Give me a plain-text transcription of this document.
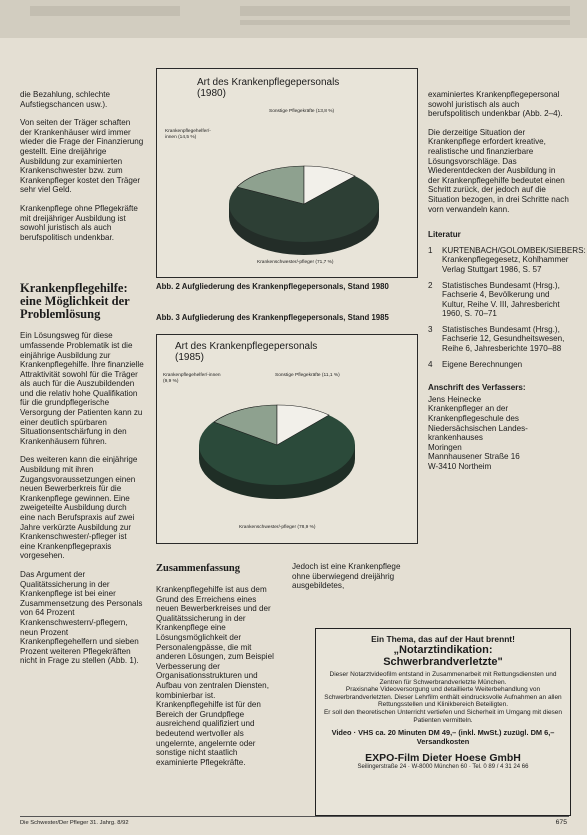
die Bezahlung, schlechte Aufstiegschancen usw.).

Von seiten der Träger schaften der Krankenhäuser wird immer wieder die Frage der Finanzierung gestellt. Eine dreijährige Ausbildung zur examinierten Krankenschwester bzw. zum Krankenpfleger kostet den Träger sehr viel Geld.

Krankenpflege ohne Pflegekräfte mit dreijähriger Ausbildung ist sowohl juristisch als auch berufspolitisch undenkbar.

Krankenpflegehilfe: eine Möglichkeit der Problemlösung

Ein Lösungsweg für diese umfassende Problematik ist die einjährige Ausbildung zur Krankenpflegehilfe. Ihre finanzielle Attraktivität sowohl für die Träger als auch für die Auszubildenden und die relativ hohe Qualifikation für die grundpflegerische Versorgung der Patienten kann zu einer deutlich spürbaren Situationsentschärfung in den Krankenhäusern führen.

Des weiteren kann die einjährige Ausbildung mit ihren Zugangsvoraussetzungen einen neuen Bewerberkreis für die Krankenpflege gewinnen. Eine zweigeteilte Ausbildung durch eine nach Berufspraxis auf zwei Jahre verkürzte Ausbildung zur Krankenschwester/-pfleger ist eine Krankenpflegepraxis vorgesehen.

Das Argument der Qualitätssicherung in der Krankenpflege ist bei einer Zusammensetzung des Personals von 64 Prozent Krankenschwestern/-pflegern, neun Prozent Krankenpflegehelfern und sieben Prozent weiteren Pflegekräften nicht in Frage zu stellen (Abb. 1).

Art des Krankenpflegepersonals
(1980)
Krankenpflegehelfer/-innen (14,5 %)
Sonstige Pflegekräfte (13,8 %)
Krankenschwester/-pfleger (71,7 %)
Abb. 2 Aufgliederung des Krankenpflegepersonals, Stand 1980
Abb. 3 Aufgliederung des Krankenpflegepersonals, Stand 1985
Art des Krankenpflegepersonals
(1985)
Krankenpflegehelfer/-innen (9,9 %)
Sonstige Pflegekräfte (11,1 %)
Krankenschwester/-pfleger (78,9 %)
Zusammenfassung

Krankenpflegehilfe ist aus dem Grund des Erreichens eines neuen Bewerberkreises und der Qualitätssicherung in der Krankenpflege eine Lösungsmöglichkeit der Personalengpässe, die mit anderen Lösungen, zum Beispiel Verbesserung der Organisationsstrukturen und Aufbau von zentralen Diensten, kombinierbar ist. Krankenpflegehilfe ist für den Bereich der Grundpflege ausreichend qualifiziert und bedeutend wertvoller als ungelernte, angelernte oder sonstige nicht staatlich examinierte Pflegekräfte.

Jedoch ist eine Krankenpflege ohne überwiegend dreijährig ausgebildetes,

examiniertes Krankenpflegepersonal sowohl juristisch als auch berufspolitisch undenkbar (Abb. 2–4).

Die derzeitige Situation der Krankenpflege erfordert kreative, realistische und finanzierbare Lösungsvorschläge. Das Wiederentdecken der Ausbildung in der Krankenpflegehilfe bedeutet einen Schritt zurück, der jedoch auf die Situation bezogen, in drei Schritte nach vorn verwandeln kann.

Literatur
1 KURTENBACH/GOLOMBEK/SIEBERS: Krankenpflegegesetz, Kohlhammer Verlag Stuttgart 1986, S. 57
2 Statistisches Bundesamt (Hrsg.), Fachserie 4, Bevölkerung und Kultur, Reihe V. III, Jahresbericht 1960, S. 70–71
3 Statistisches Bundesamt (Hrsg.), Fachserie 12, Gesundheitswesen, Reihe 6, Jahresberichte 1970–88
4 Eigene Berechnungen
Anschrift des Verfassers:
Jens Heinecke
Krankenpfleger an der
Krankenpflegeschule des
Niedersächsischen Landes-
krankenhauses
Moringen
Mannhausener Straße 16
W-3410 Northeim
Ein Thema, das auf der Haut brennt!
„Notarztindikation:
Schwerbrandverletzte"
Dieser Notarztvideofilm entstand in Zusammenarbeit mit Rettungsdiensten und Zentren für Schwerbrandverletzte München.
Praxisnahe Videoversorgung und detaillierte Weiterbehandlung von Schwerbrandverletzten. Dieser Lehrfilm enthält eindrucksvolle Aufnahmen an allen Rettungsstellen und Klinikbereich Beteiligten.
Er soll den theoretischen Unterricht vertiefen und Sicherheit im Umgang mit diesen Patienten vermitteln.
Video · VHS ca. 20 Minuten DM 49,– (inkl. MwSt.) zuzügl. DM 6,– Versandkosten
EXPO-Film Dieter Hoese GmbH
Seilingerstraße 24 · W-8000 München 60 · Tel. 0 89 / 4 31 24 66
Die Schwester/Der Pfleger 31. Jahrg. 8/92	675
